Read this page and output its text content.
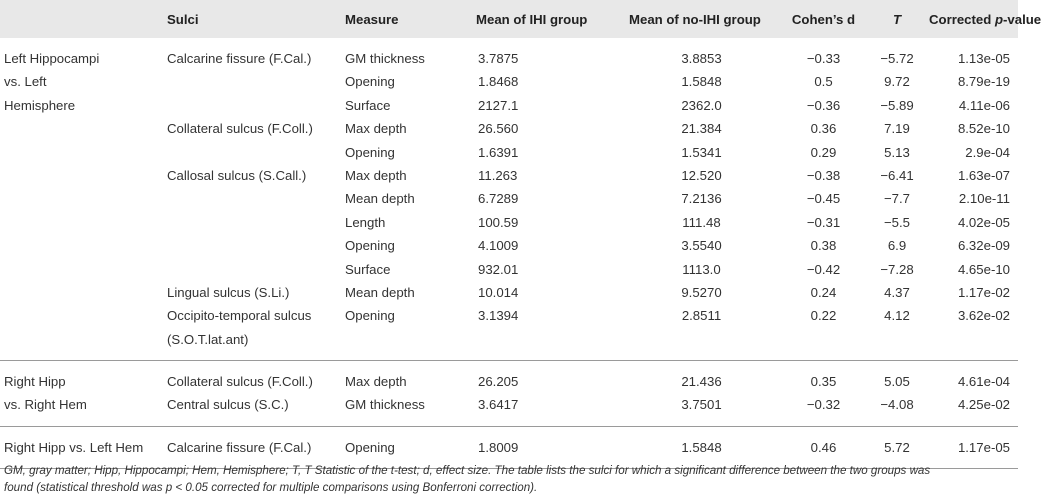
	Sulci	Measure	Mean of IHI group	Mean of no-IHI group	Cohen’s d	T	Corrected p-value
Left Hippocampi	Calcarine fissure (F.Cal.)	GM thickness	3.7875	3.8853	−0.33	−5.72	1.13e-05
vs. Left		Opening	1.8468	1.5848	0.5	9.72	8.79e-19
Hemisphere		Surface	2127.1	2362.0	−0.36	−5.89	4.11e-06
	Collateral sulcus (F.Coll.)	Max depth	26.560	21.384	0.36	7.19	8.52e-10
		Opening	1.6391	1.5341	0.29	5.13	2.9e-04
	Callosal sulcus (S.Call.)	Max depth	11.263	12.520	−0.38	−6.41	1.63e-07
		Mean depth	6.7289	7.2136	−0.45	−7.7	2.10e-11
		Length	100.59	111.48	−0.31	−5.5	4.02e-05
		Opening	4.1009	3.5540	0.38	6.9	6.32e-09
		Surface	932.01	1113.0	−0.42	−7.28	4.65e-10
	Lingual sulcus (S.Li.)	Mean depth	10.014	9.5270	0.24	4.37	1.17e-02
	Occipito-temporal sulcus	Opening	3.1394	2.8511	0.22	4.12	3.62e-02
	(S.O.T.lat.ant)						
Right Hipp	Collateral sulcus (F.Coll.)	Max depth	26.205	21.436	0.35	5.05	4.61e-04
vs. Right Hem	Central sulcus (S.C.)	GM thickness	3.6417	3.7501	−0.32	−4.08	4.25e-02
Right Hipp vs. Left Hem	Calcarine fissure (F.Cal.)	Opening	1.8009	1.5848	0.46	5.72	1.17e-05
GM, gray matter; Hipp, Hippocampi; Hem, Hemisphere; T, T Statistic of the t-test; d, effect size. The table lists the sulci for which a significant difference between the two groups was
found (statistical threshold was p < 0.05 corrected for multiple comparisons using Bonferroni correction).
